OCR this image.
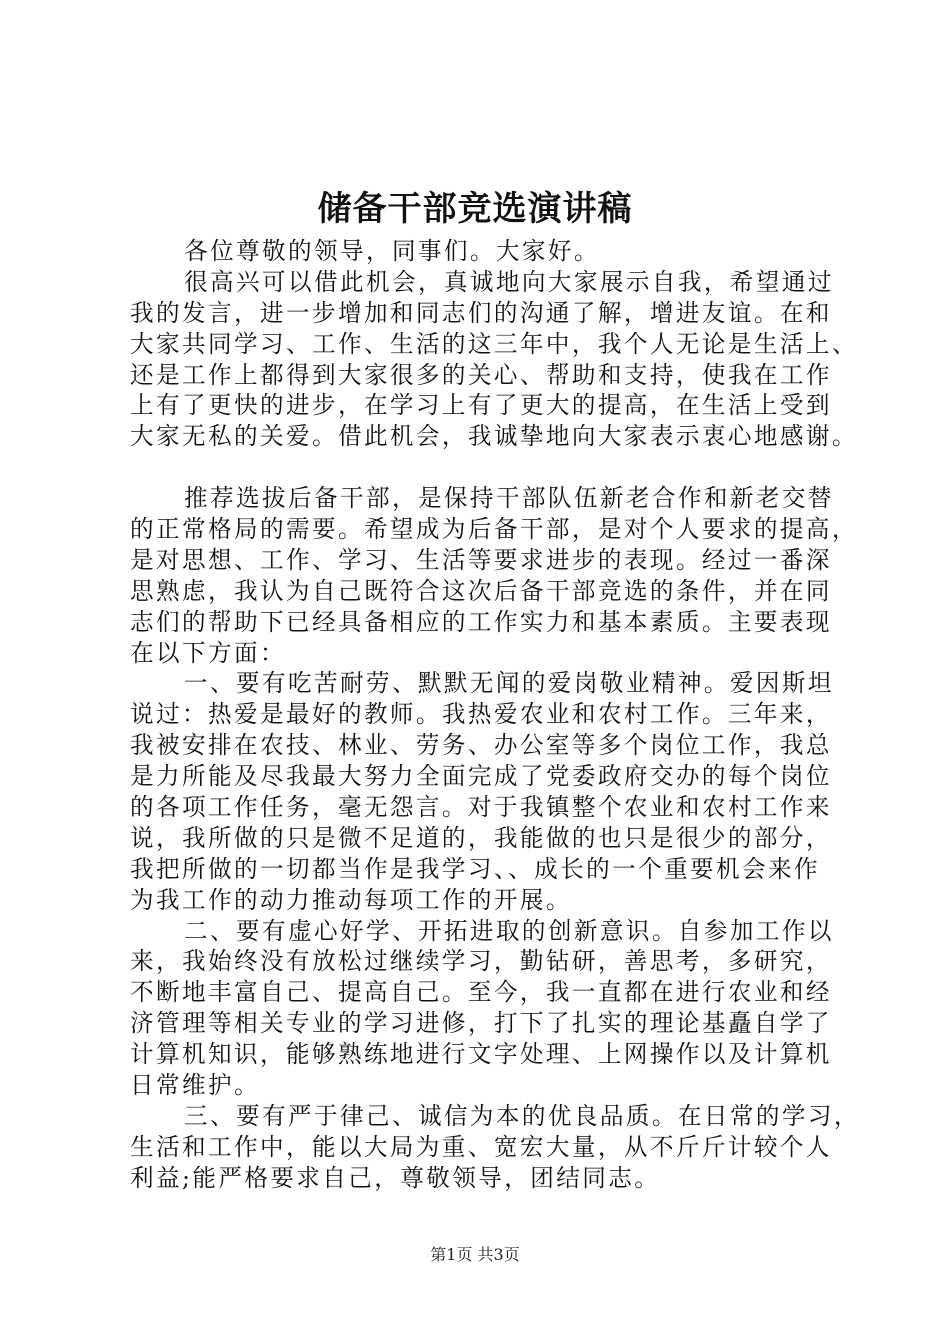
储备干部竞选演讲稿
各位尊敬的领导，同事们。大家好。
很高兴可以借此机会，真诚地向大家展示自我，希望通过
我的发言，进一步增加和同志们的沟通了解，增进友谊。在和
大家共同学习、工作、生活的这三年中，我个人无论是生活上、
还是工作上都得到大家很多的关心、帮助和支持，使我在工作
上有了更快的进步，在学习上有了更大的提高，在生活上受到
大家无私的关爱。借此机会，我诚挚地向大家表示衷心地感谢。
推荐选拔后备干部，是保持干部队伍新老合作和新老交替
的正常格局的需要。希望成为后备干部，是对个人要求的提高，
是对思想、工作、学习、生活等要求进步的表现。经过一番深
思熟虑，我认为自己既符合这次后备干部竞选的条件，并在同
志们的帮助下已经具备相应的工作实力和基本素质。主要表现
在以下方面：
一、要有吃苦耐劳、默默无闻的爱岗敬业精神。爱因斯坦
说过：热爱是最好的教师。我热爱农业和农村工作。三年来，
我被安排在农技、林业、劳务、办公室等多个岗位工作，我总
是力所能及尽我最大努力全面完成了党委政府交办的每个岗位
的各项工作任务，毫无怨言。对于我镇整个农业和农村工作来
说，我所做的只是微不足道的，我能做的也只是很少的部分，
我把所做的一切都当作是我学习、、成长的一个重要机会来作
为我工作的动力推动每项工作的开展。
二、要有虚心好学、开拓进取的创新意识。自参加工作以
来，我始终没有放松过继续学习，勤钻研，善思考，多研究，
不断地丰富自己、提高自己。至今，我一直都在进行农业和经
济管理等相关专业的学习进修，打下了扎实的理论基矗自学了
计算机知识，能够熟练地进行文字处理、上网操作以及计算机
日常维护。
三、要有严于律己、诚信为本的优良品质。在日常的学习，
生活和工作中，能以大局为重、宽宏大量，从不斤斤计较个人
利益;能严格要求自己，尊敬领导，团结同志。
第1页 共3页
